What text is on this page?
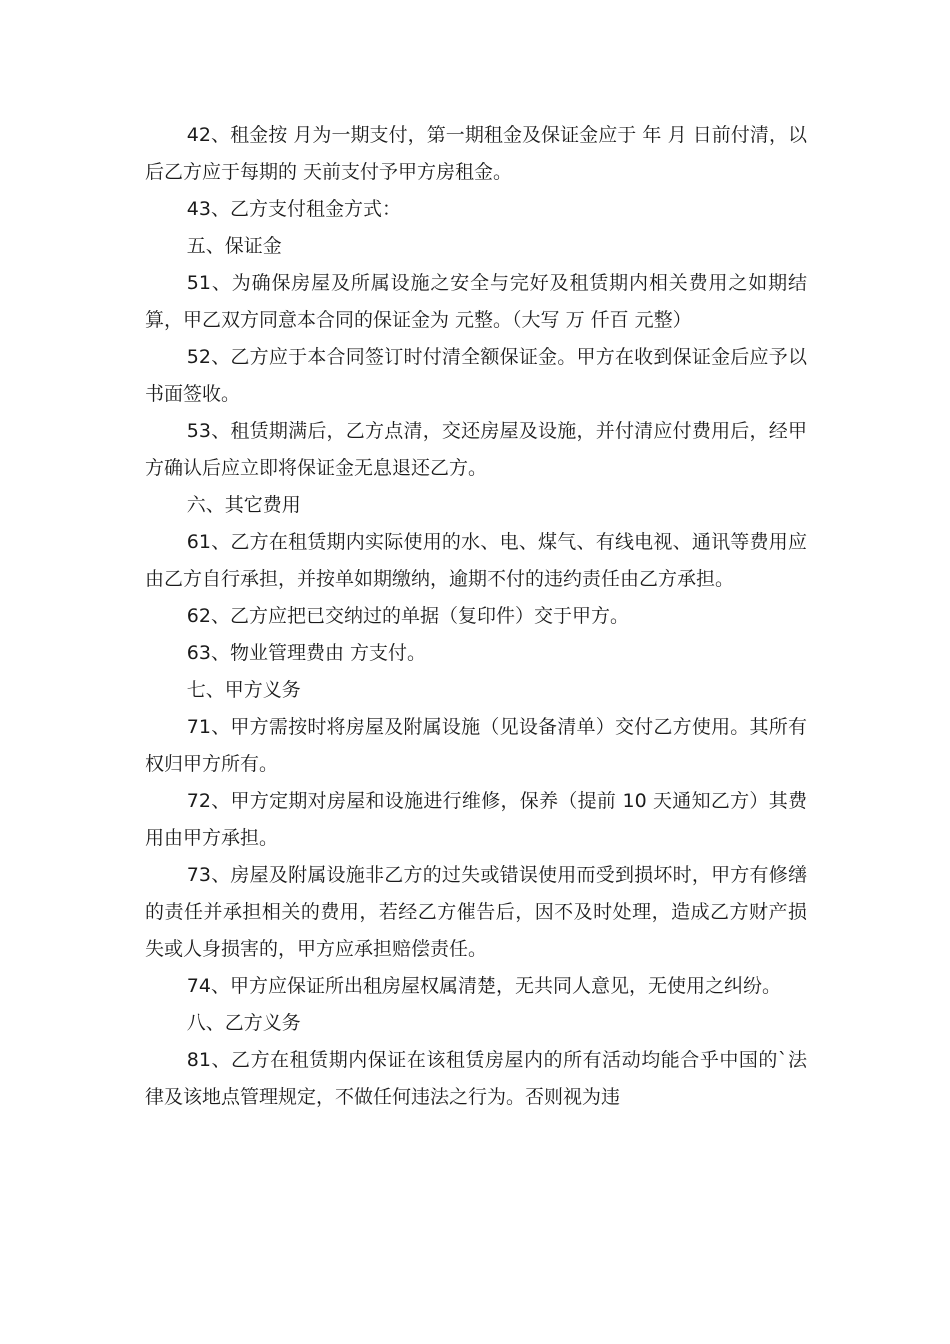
42、租金按 月为一期支付，第一期租金及保证金应于 年 月 日前付清，以后乙方应于每期的 天前支付予甲方房租金。

43、乙方支付租金方式：

五、保证金

51、为确保房屋及所属设施之安全与完好及租赁期内相关费用之如期结算，甲乙双方同意本合同的保证金为 元整。（大写 万 仟百 元整）

52、乙方应于本合同签订时付清全额保证金。甲方在收到保证金后应予以书面签收。

53、租赁期满后，乙方点清，交还房屋及设施，并付清应付费用后，经甲方确认后应立即将保证金无息退还乙方。

六、其它费用

61、乙方在租赁期内实际使用的水、电、煤气、有线电视、通讯等费用应由乙方自行承担，并按单如期缴纳，逾期不付的违约责任由乙方承担。

62、乙方应把已交纳过的单据（复印件）交于甲方。

63、物业管理费由 方支付。

七、甲方义务

71、甲方需按时将房屋及附属设施（见设备清单）交付乙方使用。其所有权归甲方所有。

72、甲方定期对房屋和设施进行维修，保养（提前 10 天通知乙方）其费用由甲方承担。

73、房屋及附属设施非乙方的过失或错误使用而受到损坏时，甲方有修缮的责任并承担相关的费用，若经乙方催告后，因不及时处理，造成乙方财产损失或人身损害的，甲方应承担赔偿责任。

74、甲方应保证所出租房屋权属清楚，无共同人意见，无使用之纠纷。

八、乙方义务

81、乙方在租赁期内保证在该租赁房屋内的所有活动均能合乎中国的`法律及该地点管理规定，不做任何违法之行为。否则视为违
